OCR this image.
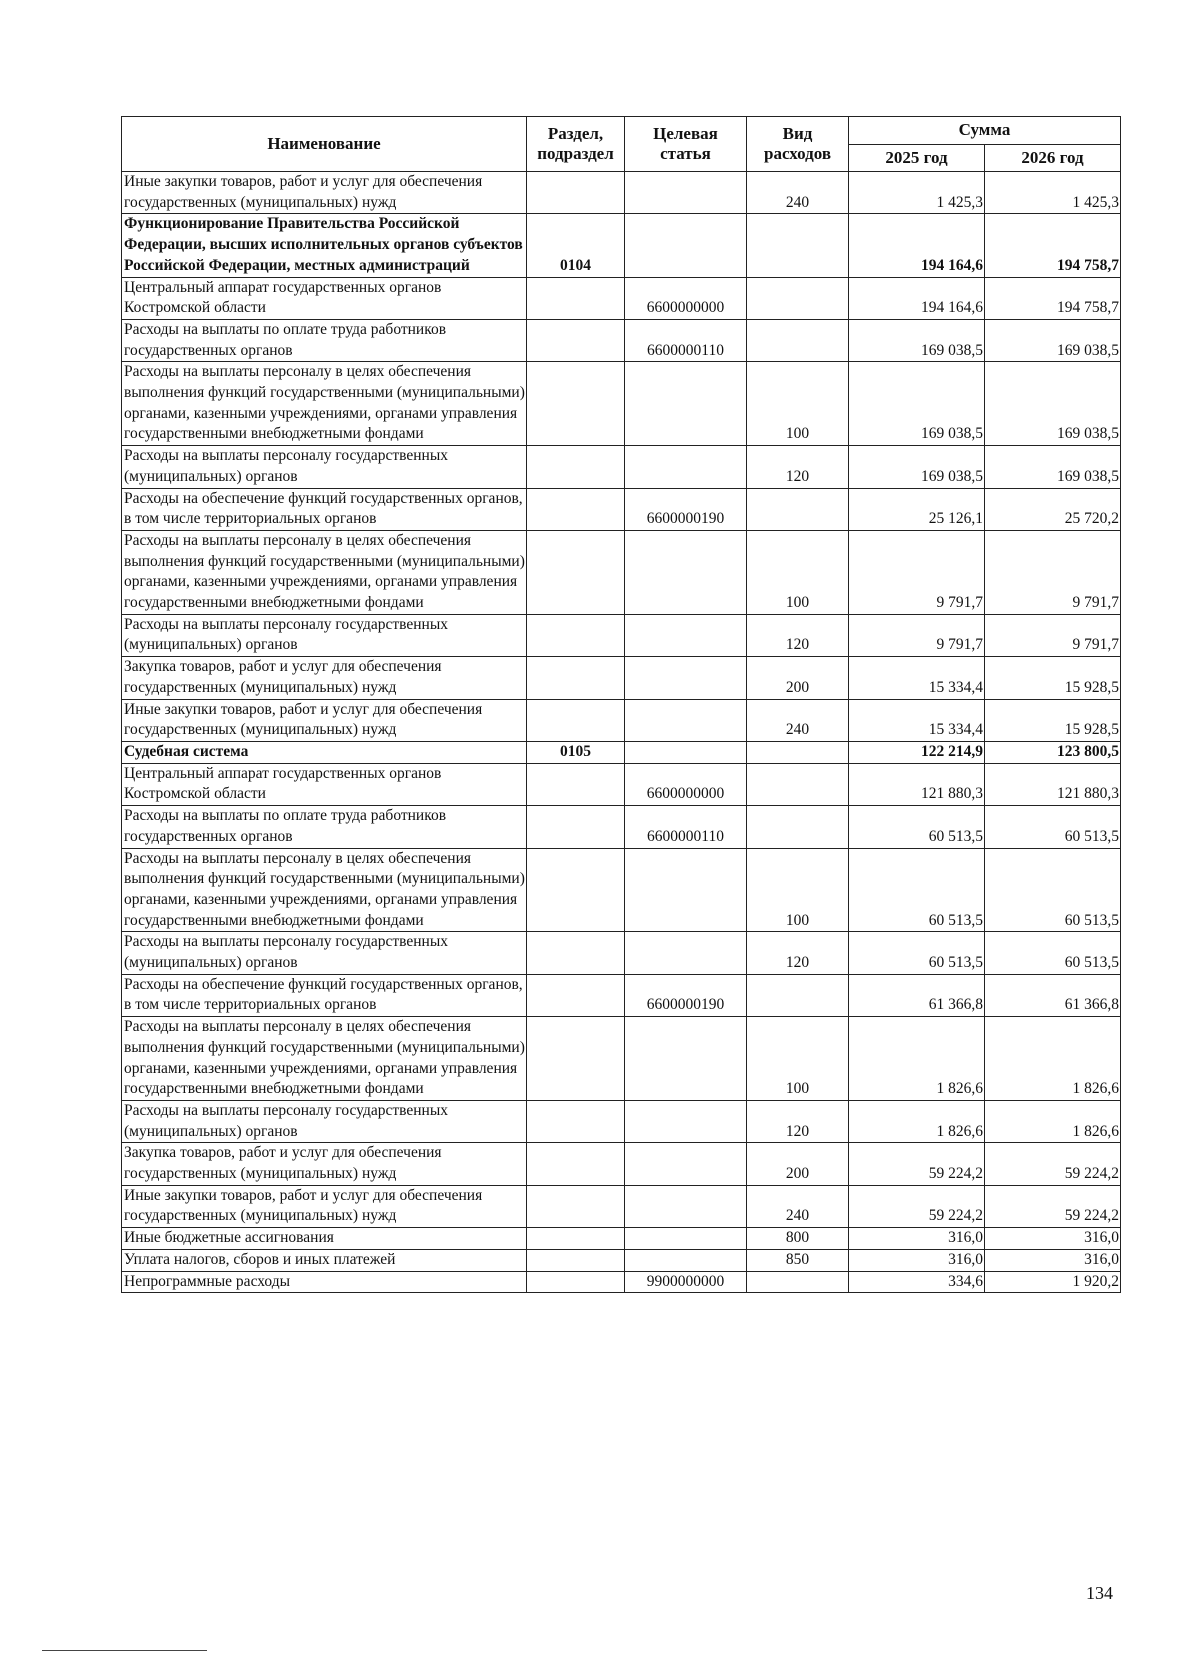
Наименование	Раздел, подраздел	Целевая статья	Вид расходов	Сумма	
				2025 год	2026 год
Иные закупки товаров, работ и услуг для обеспечения государственных (муниципальных) нужд			240	1 425,3	1 425,3
Функционирование Правительства Российской Федерации, высших исполнительных органов субъектов Российской Федерации, местных администраций	0104			194 164,6	194 758,7
Центральный аппарат государственных органов Костромской области		6600000000		194 164,6	194 758,7
Расходы на выплаты по оплате труда работников государственных органов		6600000110		169 038,5	169 038,5
Расходы на выплаты персоналу в целях обеспечения выполнения функций государственными (муниципальными) органами, казенными учреждениями, органами управления государственными внебюджетными фондами			100	169 038,5	169 038,5
Расходы на выплаты персоналу государственных (муниципальных) органов			120	169 038,5	169 038,5
Расходы на обеспечение функций государственных органов, в том числе территориальных органов		6600000190		25 126,1	25 720,2
Расходы на выплаты персоналу в целях обеспечения выполнения функций государственными (муниципальными) органами, казенными учреждениями, органами управления государственными внебюджетными фондами			100	9 791,7	9 791,7
Расходы на выплаты персоналу государственных (муниципальных) органов			120	9 791,7	9 791,7
Закупка товаров, работ и услуг для обеспечения государственных (муниципальных) нужд			200	15 334,4	15 928,5
Иные закупки товаров, работ и услуг для обеспечения государственных (муниципальных) нужд			240	15 334,4	15 928,5
Судебная система	0105			122 214,9	123 800,5
Центральный аппарат государственных органов Костромской области		6600000000		121 880,3	121 880,3
Расходы на выплаты по оплате труда работников государственных органов		6600000110		60 513,5	60 513,5
Расходы на выплаты персоналу в целях обеспечения выполнения функций государственными (муниципальными) органами, казенными учреждениями, органами управления государственными внебюджетными фондами			100	60 513,5	60 513,5
Расходы на выплаты персоналу государственных (муниципальных) органов			120	60 513,5	60 513,5
Расходы на обеспечение функций государственных органов, в том числе территориальных органов		6600000190		61 366,8	61 366,8
Расходы на выплаты персоналу в целях обеспечения выполнения функций государственными (муниципальными) органами, казенными учреждениями, органами управления государственными внебюджетными фондами			100	1 826,6	1 826,6
Расходы на выплаты персоналу государственных (муниципальных) органов			120	1 826,6	1 826,6
Закупка товаров, работ и услуг для обеспечения государственных (муниципальных) нужд			200	59 224,2	59 224,2
Иные закупки товаров, работ и услуг для обеспечения государственных (муниципальных) нужд			240	59 224,2	59 224,2
Иные бюджетные ассигнования			800	316,0	316,0
Уплата налогов, сборов и иных платежей			850	316,0	316,0
Непрограммные расходы		9900000000		334,6	1 920,2
134
